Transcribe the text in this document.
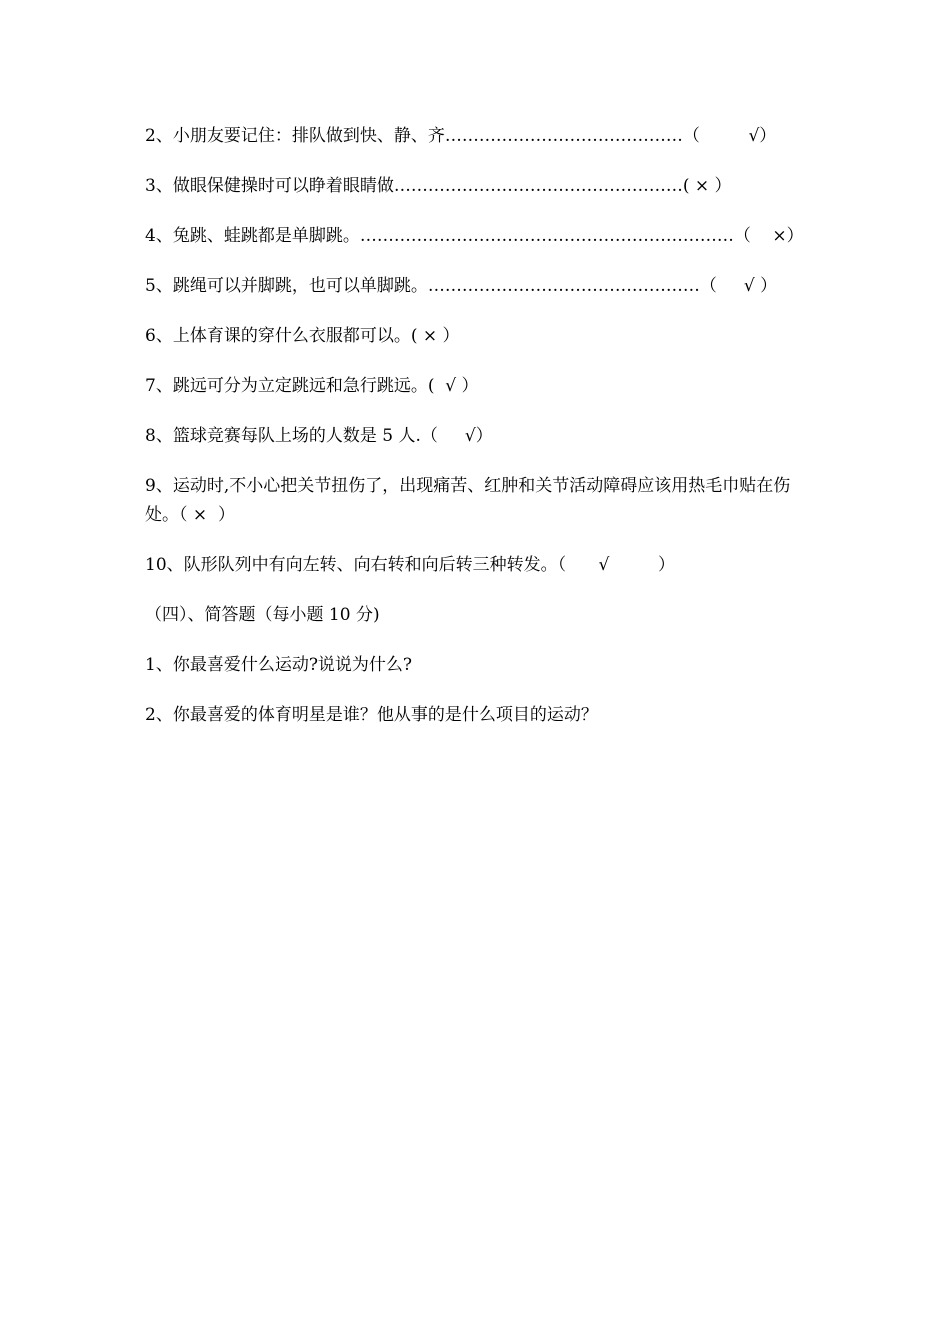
2、小朋友要记住：排队做到快、静、齐……………………………………（         √）
3、做眼保健操时可以睁着眼睛做……………………………………………( × ）
4、兔跳、蛙跳都是单脚跳。…………………………………………………………（    ×）
5、跳绳可以并脚跳，也可以单脚跳。…………………………………………（     √ ）
6、上体育课的穿什么衣服都可以。( × ）
7、跳远可分为立定跳远和急行跳远。(  √ ）
8、篮球竞赛每队上场的人数是 5 人.（     √）
9、运动时,不小心把关节扭伤了，出现痛苦、红肿和关节活动障碍应该用热毛巾贴在伤处。（ ×  ）
10、队形队列中有向左转、向右转和向后转三种转发。（      √         ）
（四）、简答题（每小题 10 分)
1、你最喜爱什么运动?说说为什么?
2、你最喜爱的体育明星是谁？他从事的是什么项目的运动？
